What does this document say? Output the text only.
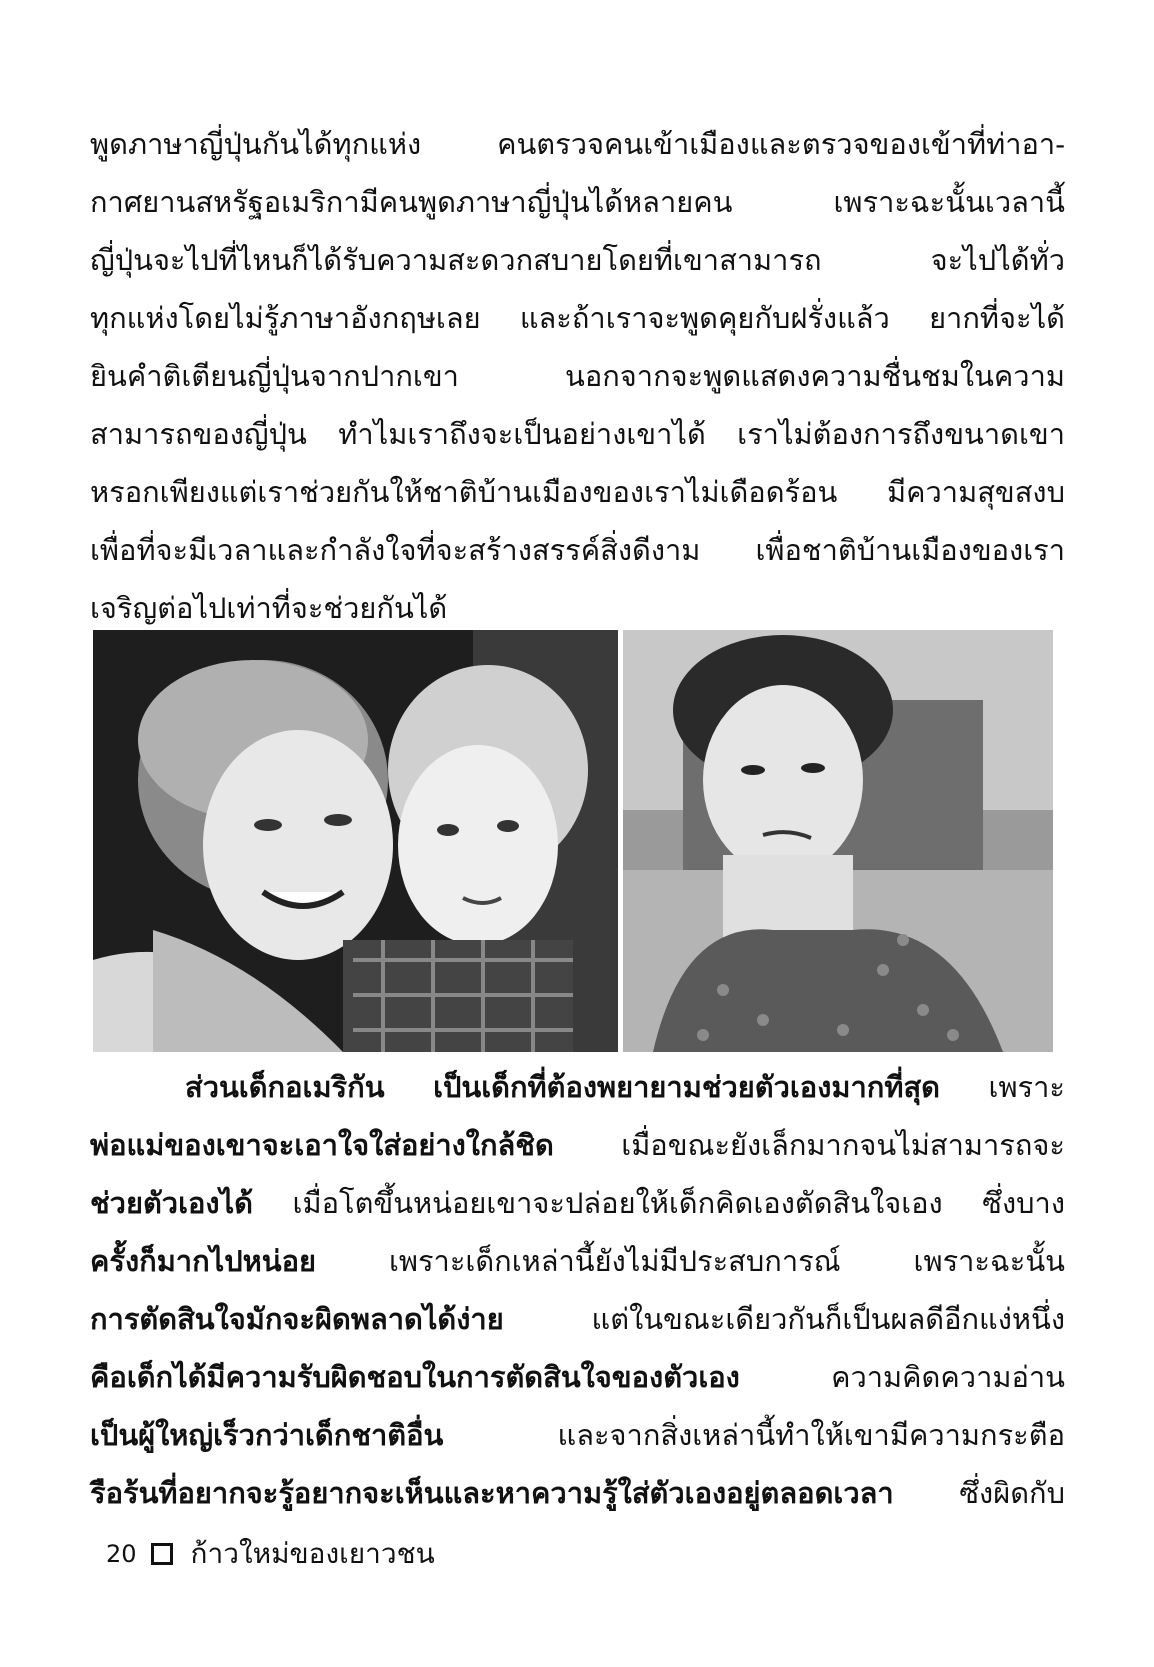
พูดภาษาญี่ปุ่นกันได้ทุกแห่ง	คนตรวจคนเข้าเมืองและตรวจของเข้าที่ท่าอา-
กาศยานสหรัฐอเมริกามีคนพูดภาษาญี่ปุ่นได้หลายคน	เพราะฉะนั้นเวลานี้
ญี่ปุ่นจะไปที่ไหนก็ได้รับความสะดวกสบายโดยที่เขาสามารถ	จะไปได้ทั่ว
ทุกแห่งโดยไม่รู้ภาษาอังกฤษเลย และถ้าเราจะพูดคุยกับฝรั่งแล้ว ยากที่จะได้
ยินคำติเตียนญี่ปุ่นจากปากเขา	นอกจากจะพูดแสดงความชื่นชมในความ
สามารถของญี่ปุ่น ทำไมเราถึงจะเป็นอย่างเขาได้ เราไม่ต้องการถึงขนาดเขา
หรอกเพียงแต่เราช่วยกันให้ชาติบ้านเมืองของเราไม่เดือดร้อน มีความสุขสงบ
เพื่อที่จะมีเวลาและกำลังใจที่จะสร้างสรรค์สิ่งดีงาม เพื่อชาติบ้านเมืองของเรา
เจริญต่อไปเท่าที่จะช่วยกันได้
ส่วนเด็กอเมริกัน เป็นเด็กที่ต้องพยายามช่วยตัวเองมากที่สุด เพราะ
พ่อแม่ของเขาจะเอาใจใส่อย่างใกล้ชิด เมื่อขณะยังเล็กมากจนไม่สามารถจะ
ช่วยตัวเองได้ เมื่อโตขึ้นหน่อยเขาจะปล่อยให้เด็กคิดเองตัดสินใจเอง ซึ่งบาง
ครั้งก็มากไปหน่อย	เพราะเด็กเหล่านี้ยังไม่มีประสบการณ์	เพราะฉะนั้น
การตัดสินใจมักจะผิดพลาดได้ง่าย	แต่ในขณะเดียวกันก็เป็นผลดีอีกแง่หนึ่ง
คือเด็กได้มีความรับผิดชอบในการตัดสินใจของตัวเอง	ความคิดความอ่าน
เป็นผู้ใหญ่เร็วกว่าเด็กชาติอื่น	และจากสิ่งเหล่านี้ทำให้เขามีความกระตือ
รือร้นที่อยากจะรู้อยากจะเห็นและหาความรู้ใส่ตัวเองอยู่ตลอดเวลา ซึ่งผิดกับ
20 ก้าวใหม่ของเยาวชน
